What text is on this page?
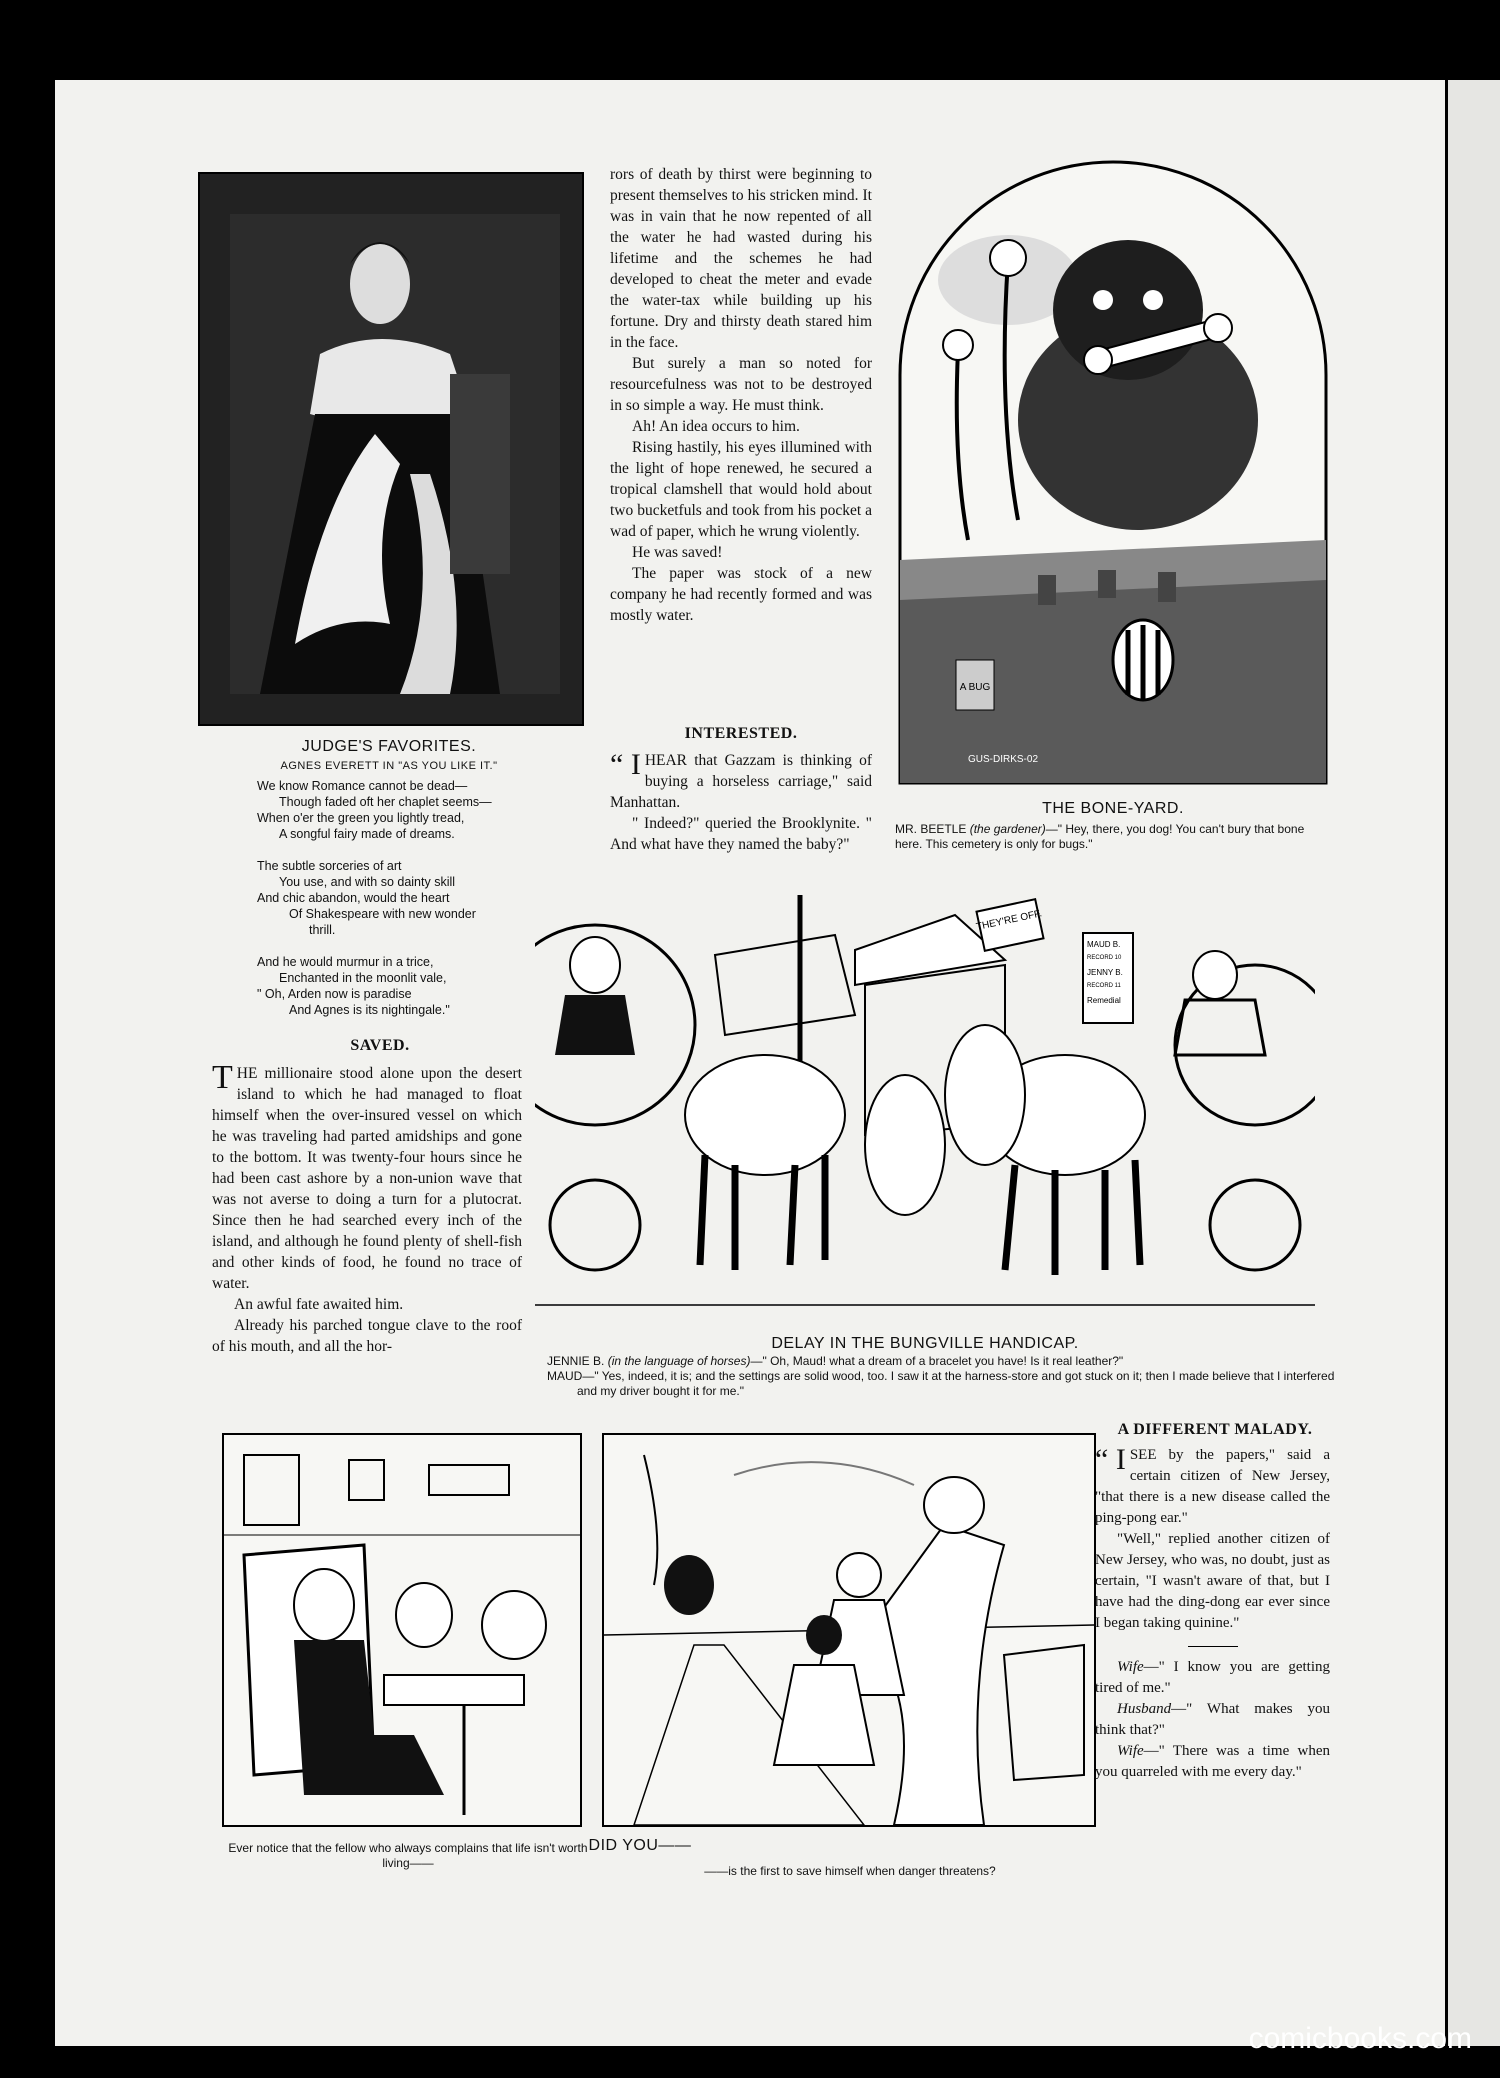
JUDGE'S FAVORITES.
AGNES EVERETT IN "AS YOU LIKE IT."
We know Romance cannot be dead—
Though faded oft her chaplet seems—
When o'er the green you lightly tread,
A songful fairy made of dreams.
The subtle sorceries of art
You use, and with so dainty skill
And chic abandon, would the heart
Of Shakespeare with new wonder
thrill.
And he would murmur in a trice,
Enchanted in the moonlit vale,
" Oh, Arden now is paradise
And Agnes is its nightingale."
SAVED.

THE millionaire stood alone upon the desert island to which he had managed to float himself when the over-insured vessel on which he was traveling had parted amidships and gone to the bottom. It was twenty-four hours since he had been cast ashore by a non-union wave that was not averse to doing a turn for a plutocrat. Since then he had searched every inch of the island, and although he found plenty of shell-fish and other kinds of food, he found no trace of water.

An awful fate awaited him.

Already his parched tongue clave to the roof of his mouth, and all the hor-

rors of death by thirst were beginning to present themselves to his stricken mind. It was in vain that he now repented of all the water he had wasted during his lifetime and the schemes he had developed to cheat the meter and evade the water-tax while building up his fortune. Dry and thirsty death stared him in the face.

But surely a man so noted for resourcefulness was not to be destroyed in so simple a way. He must think.

Ah! An idea occurs to him.

Rising hastily, his eyes illumined with the light of hope renewed, he secured a tropical clamshell that would hold about two bucketfuls and took from his pocket a wad of paper, which he wrung violently.

He was saved!

The paper was stock of a new company he had recently formed and was mostly water.

INTERESTED.

“ I HEAR that Gazzam is thinking of buying a horseless carriage," said Manhattan.

" Indeed?" queried the Brooklynite. " And what have they named the baby?"

A BUG
GUS-DIRKS-02
THE BONE-YARD.
MR. BEETLE (the gardener)—" Hey, there, you dog! You can't bury that bone here. This cemetery is only for bugs."
THEY'RE OFF.
MAUD B.
RECORD 10
JENNY B.
RECORD 11
Remedial
DELAY IN THE BUNGVILLE HANDICAP.
JENNIE B. (in the language of horses)—" Oh, Maud! what a dream of a bracelet you have! Is it real leather?"
MAUD—" Yes, indeed, it is; and the settings are solid wood, too. I saw it at the harness-store and got stuck on it; then I made believe that I interfered and my driver bought it for me."
DID YOU——
Ever notice that the fellow who always complains that life isn't worth living——
——is the first to save himself when danger threatens?
A DIFFERENT MALADY.

“ I SEE by the papers," said a certain citizen of New Jersey, "that there is a new disease called the ping-pong ear."

"Well," replied another citizen of New Jersey, who was, no doubt, just as certain, "I wasn't aware of that, but I have had the ding-dong ear ever since I began taking quinine."

Wife—" I know you are getting tired of me."

Husband—" What makes you think that?"

Wife—" There was a time when you quarreled with me every day."

comicbooks.com
